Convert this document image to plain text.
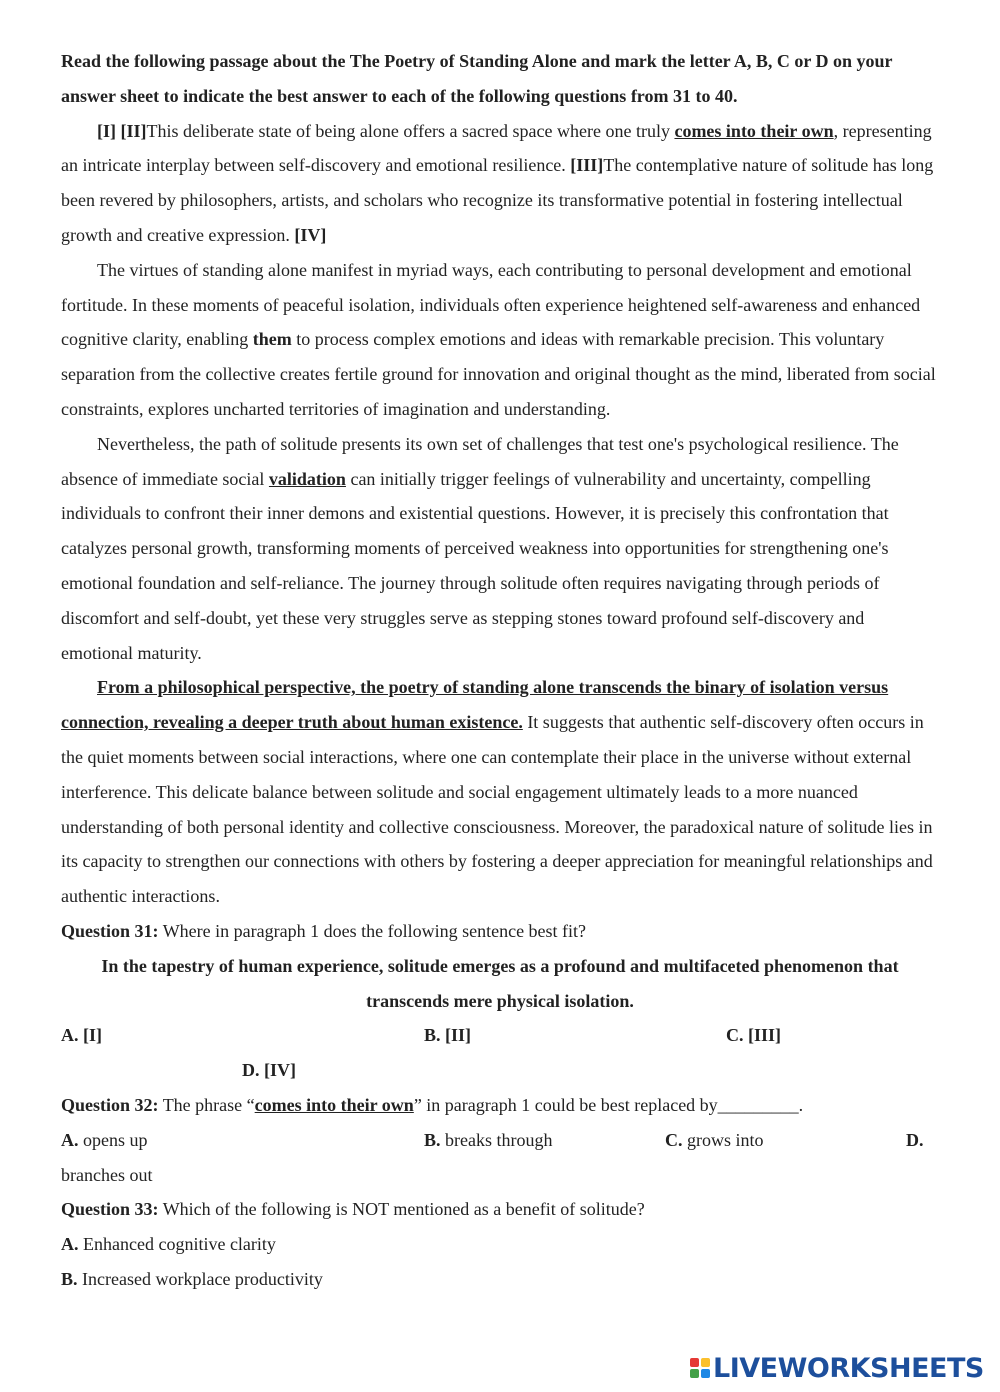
Read the following passage about the The Poetry of Standing Alone and mark the letter A, B, C or D on your answer sheet to indicate the best answer to each of the following questions from 31 to 40.

[I] [II]This deliberate state of being alone offers a sacred space where one truly comes into their own, representing an intricate interplay between self-discovery and emotional resilience. [III]The contemplative nature of solitude has long been revered by philosophers, artists, and scholars who recognize its transformative potential in fostering intellectual growth and creative expression. [IV]

The virtues of standing alone manifest in myriad ways, each contributing to personal development and emotional fortitude. In these moments of peaceful isolation, individuals often experience heightened self-awareness and enhanced cognitive clarity, enabling them to process complex emotions and ideas with remarkable precision. This voluntary separation from the collective creates fertile ground for innovation and original thought as the mind, liberated from social constraints, explores uncharted territories of imagination and understanding.

Nevertheless, the path of solitude presents its own set of challenges that test one's psychological resilience. The absence of immediate social validation can initially trigger feelings of vulnerability and uncertainty, compelling individuals to confront their inner demons and existential questions. However, it is precisely this confrontation that catalyzes personal growth, transforming moments of perceived weakness into opportunities for strengthening one's emotional foundation and self-reliance. The journey through solitude often requires navigating through periods of discomfort and self-doubt, yet these very struggles serve as stepping stones toward profound self-discovery and emotional maturity.

From a philosophical perspective, the poetry of standing alone transcends the binary of isolation versus connection, revealing a deeper truth about human existence. It suggests that authentic self-discovery often occurs in the quiet moments between social interactions, where one can contemplate their place in the universe without external interference. This delicate balance between solitude and social engagement ultimately leads to a more nuanced understanding of both personal identity and collective consciousness. Moreover, the paradoxical nature of solitude lies in its capacity to strengthen our connections with others by fostering a deeper appreciation for meaningful relationships and authentic interactions.

Question 31: Where in paragraph 1 does the following sentence best fit?

In the tapestry of human experience, solitude emerges as a profound and multifaceted phenomenon that transcends mere physical isolation.

A. [I]	B. [II]	C. [III]
D. [IV]

Question 32: The phrase “comes into their own” in paragraph 1 could be best replaced by_________.

A. opens up	B. breaks through	C. grows into	D.
branches out

Question 33: Which of the following is NOT mentioned as a benefit of solitude?

A. Enhanced cognitive clarity

B. Increased workplace productivity

LIVEWORKSHEETS
